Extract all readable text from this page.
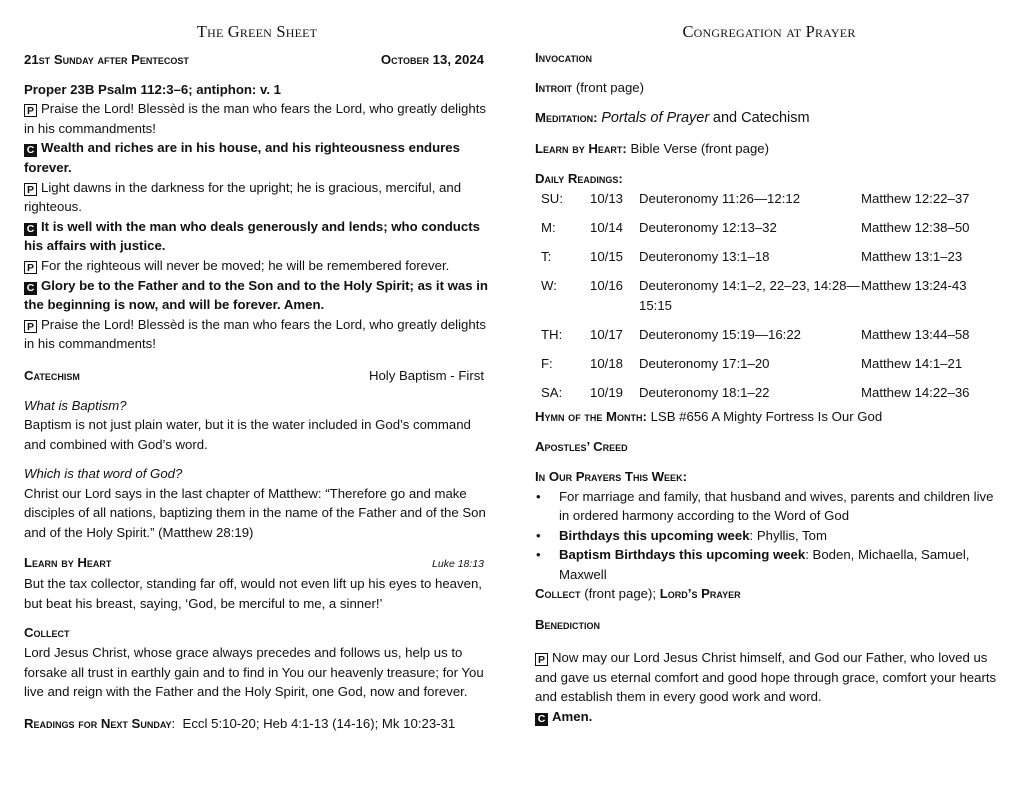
The Green Sheet
21st Sunday after Pentecost	October 13, 2024

Proper 23B Psalm 112:3–6; antiphon: v. 1

P Praise the Lord! Blessèd is the man who fears the Lord, who greatly delights in his commandments!

C Wealth and riches are in his house, and his righteousness endures forever.

P Light dawns in the darkness for the upright; he is gracious, merciful, and righteous.

C It is well with the man who deals generously and lends; who conducts his affairs with justice.

P For the righteous will never be moved; he will be remembered forever.

C Glory be to the Father and to the Son and to the Holy Spirit; as it was in the beginning is now, and will be forever. Amen.

P Praise the Lord! Blessèd is the man who fears the Lord, who greatly delights in his commandments!

Catechism	Holy Baptism - First

What is Baptism?

Baptism is not just plain water, but it is the water included in God’s command and combined with God’s word.

Which is that word of God?

Christ our Lord says in the last chapter of Matthew: “Therefore go and make disciples of all nations, baptizing them in the name of the Father and of the Son and of the Holy Spirit.” (Matthew 28:19)

Learn by Heart	Luke 18:13

But the tax collector, standing far off, would not even lift up his eyes to heaven, but beat his breast, saying, ‘God, be merciful to me, a sinner!’

Collect

Lord Jesus Christ, whose grace always precedes and follows us, help us to forsake all trust in earthly gain and to find in You our heavenly treasure; for You live and reign with the Father and the Holy Spirit, one God, now and forever.

Readings for Next Sunday:  Eccl 5:10-20; Heb 4:1-13 (14-16); Mk 10:23-31

Congregation at Prayer

Invocation

Introit (front page)

Meditation: Portals of Prayer and Catechism

Learn by Heart: Bible Verse (front page)

Daily Readings:

SU:	10/13	Deuteronomy 11:26—12:12	Matthew 12:22–37
M:	10/14	Deuteronomy 12:13–32	Matthew 12:38–50
T:	10/15	Deuteronomy 13:1–18	Matthew 13:1–23
W:	10/16	Deuteronomy 14:1–2, 22–23, 14:28—15:15	Matthew 13:24-43
TH:	10/17	Deuteronomy 15:19—16:22	Matthew 13:44–58
F:	10/18	Deuteronomy 17:1–20	Matthew 14:1–21
SA:	10/19	Deuteronomy 18:1–22	Matthew 14:22–36

Hymn of the Month: LSB #656 A Mighty Fortress Is Our God

Apostles’ Creed

In Our Prayers This Week:

• For marriage and family, that husband and wives, parents and children live in ordered harmony according to the Word of God
• Birthdays this upcoming week: Phyllis, Tom
• Baptism Birthdays this upcoming week: Boden, Michaella, Samuel, Maxwell

Collect (front page); Lord’s Prayer

Benediction

P Now may our Lord Jesus Christ himself, and God our Father, who loved us and gave us eternal comfort and good hope through grace, comfort your hearts and establish them in every good work and word.

C Amen.
